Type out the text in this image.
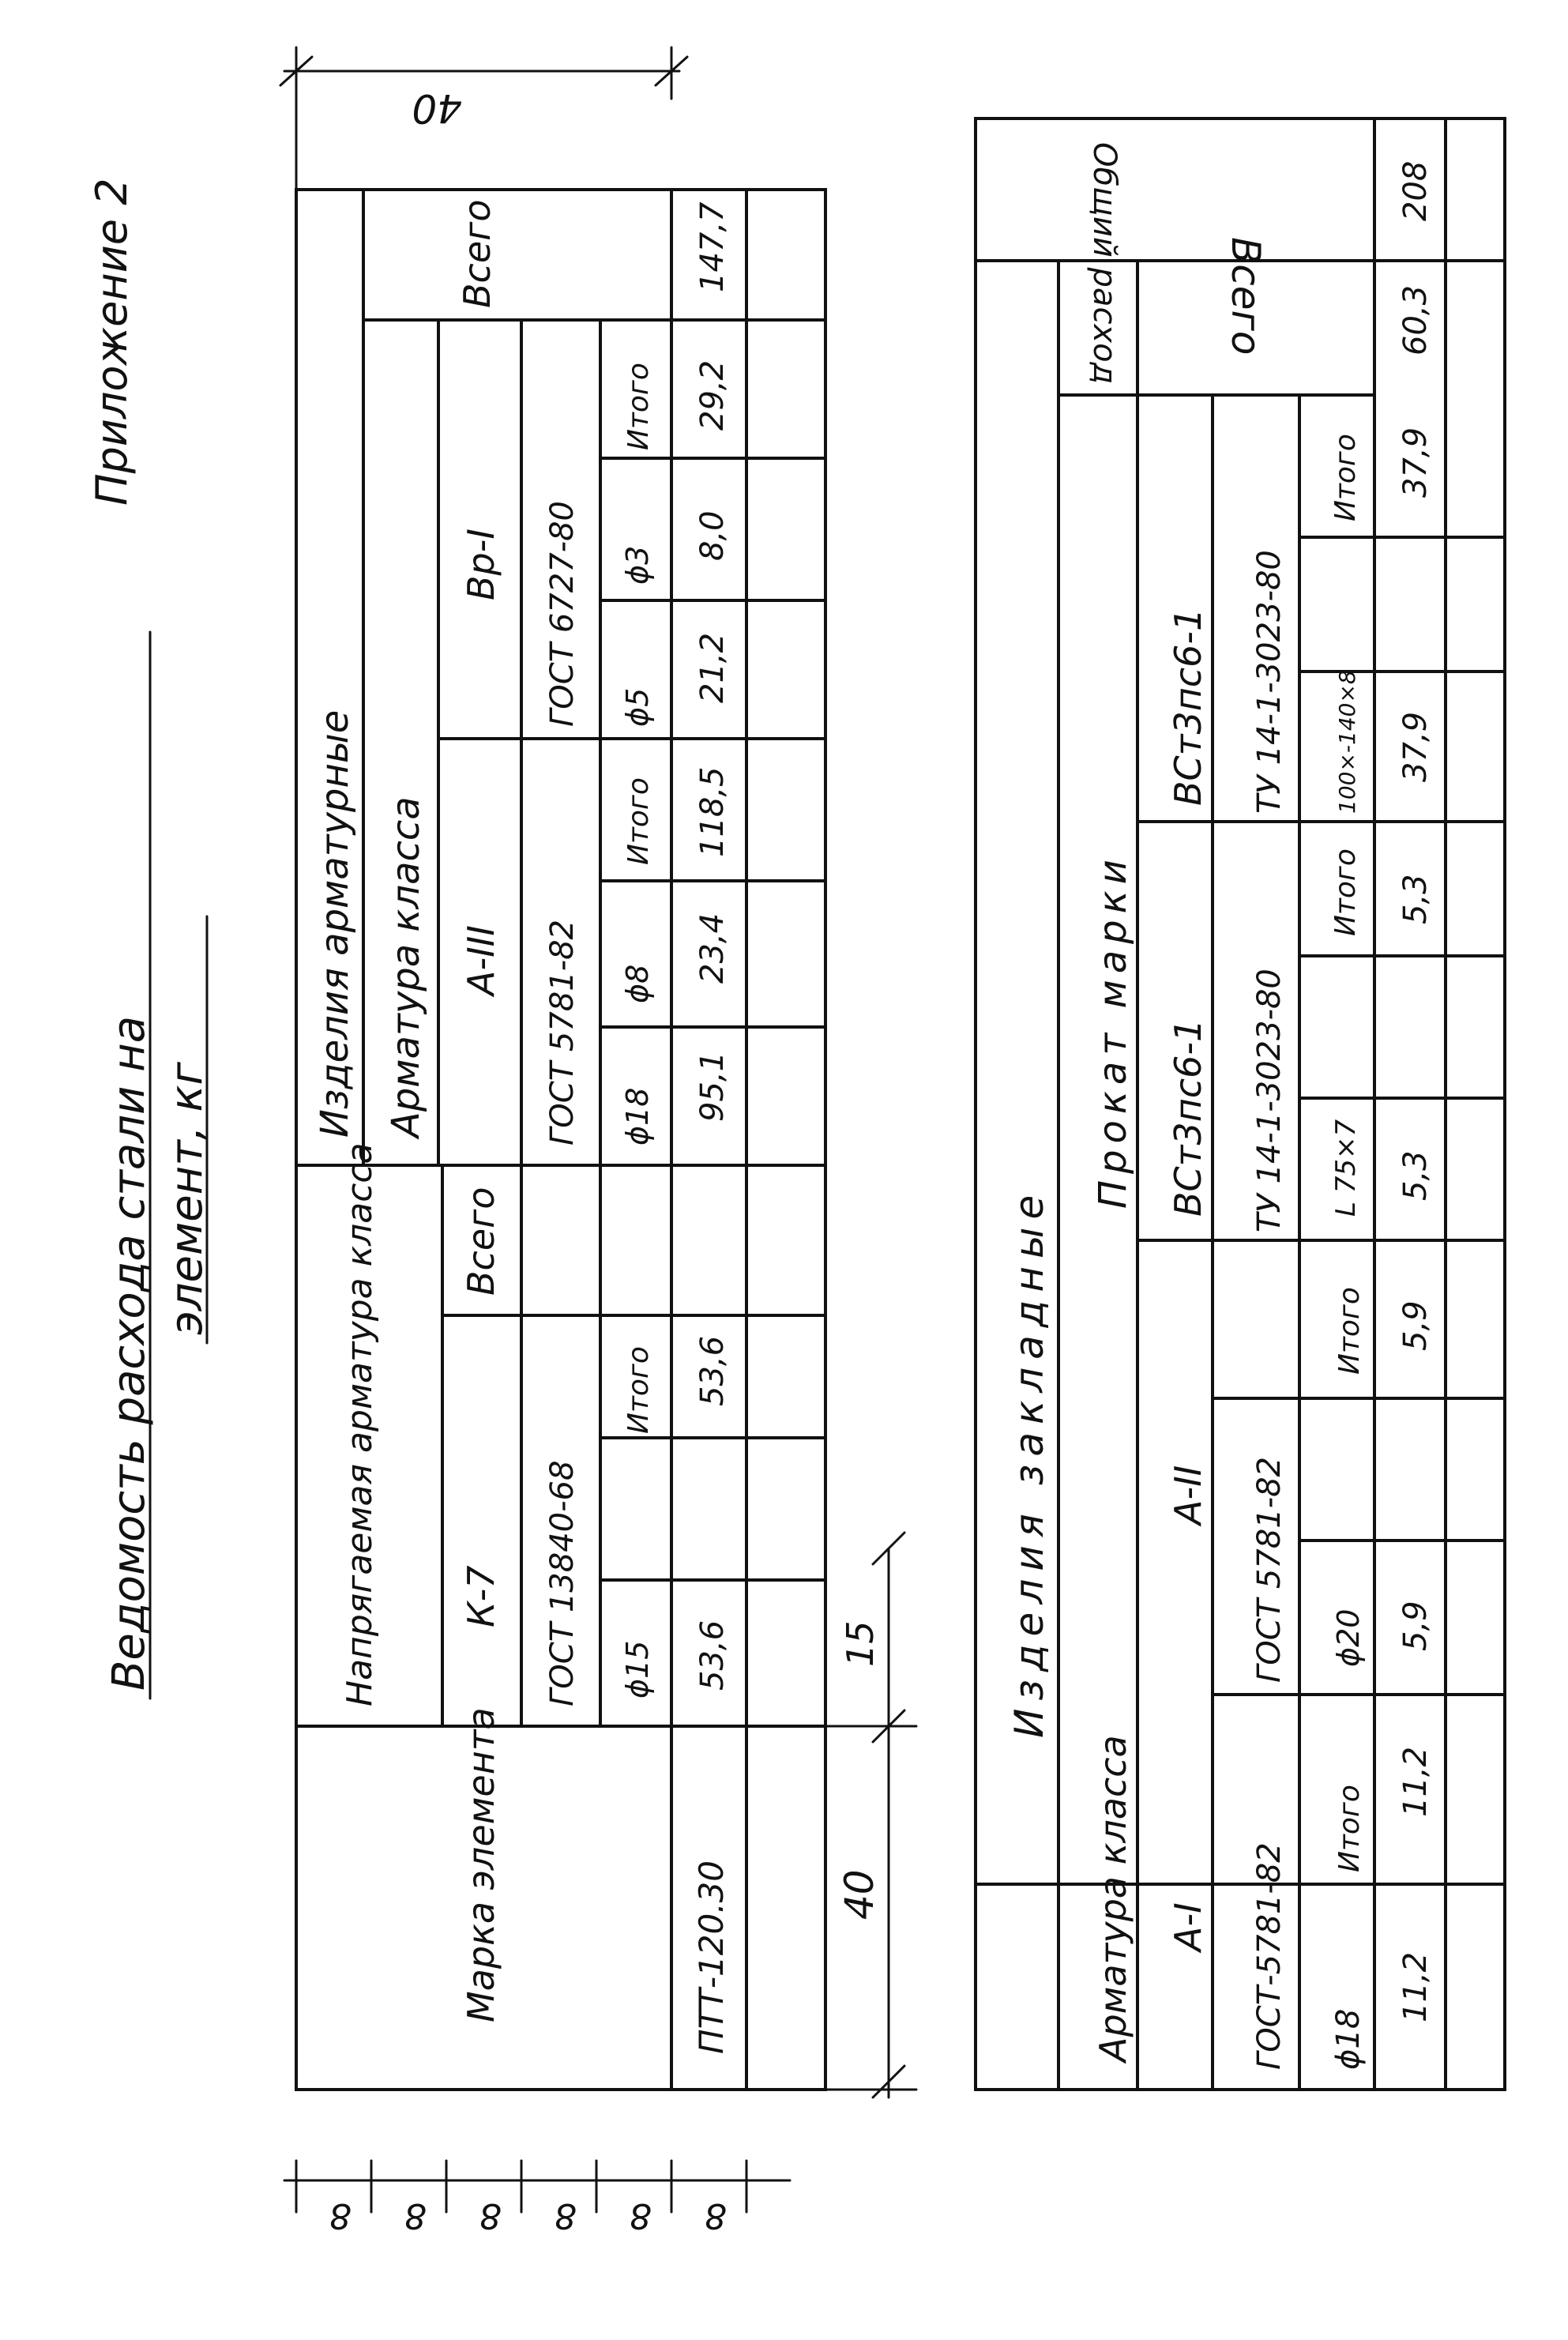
Приложение 2
Ведомость расхода стали на элемент, кг
Марка элемента
Напрягаемая арматура класса К-7 ГОСТ 13840-68 ϕ15
Итого
Всего
Изделия арматурные Арматура класса А-III
Вр-I
ГОСТ 5781-82
ГОСТ 6727-80
ϕ18
ϕ8
Итого
ϕ5
ϕ3
Итого
Всего
ПТТ-120.30
53,6
53,6
95,1
23,4
118,5
21,2
8,0
29,2
147,7
40
15
40
8 8 8 8 8 8
Изделия закладные
Арматура класса А-I ГОСТ-5781-82 ϕ18
Итого
А-II ГОСТ 5781-82 ϕ20
Итого
Прокат марки ВСт3пс6-1
ВСт3пс6-1
ТУ 14-1-3023-80
ТУ 14-1-3023-80
L 75×7
Итого
100×-140×8
Итого
Всего
Общий расход
11,2
11,2
5,9
5,9
5,3
5,3
37,9
37,9
60,3
208
